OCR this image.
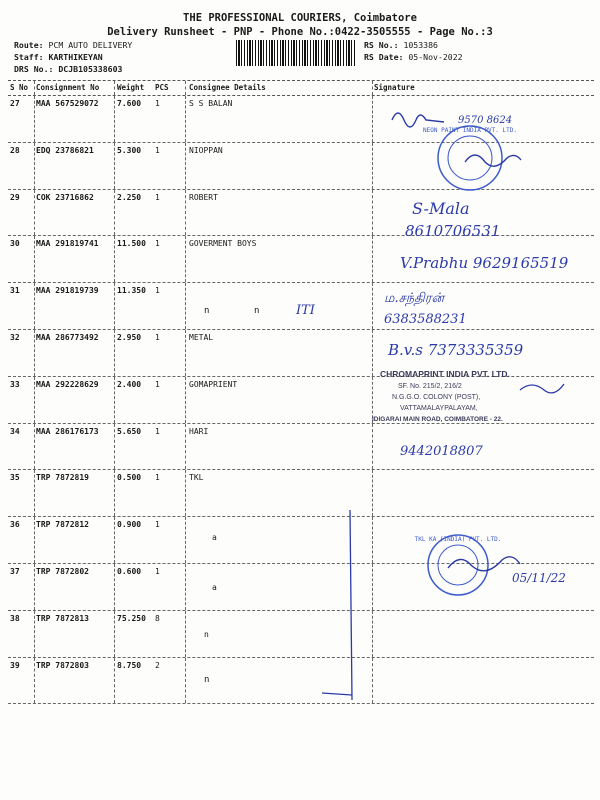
THE PROFESSIONAL COURIERS, Coimbatore
Delivery Runsheet - PNP - Phone No.:0422-3505555 - Page No.:3
Route: PCM AUTO DELIVERY
Staff: KARTHIKEYAN
DRS No.: DCJB105338603
RS No.: 1053386
RS Date: 05-Nov-2022
S No	Consignment No	Weight	PCS	Consignee Details	Signature
27	MAA 567529072	7.600	1	S S BALAN
28	EDQ 23786821	5.300	1	NIOPPAN
29	COK 23716862	2.250	1	ROBERT
30	MAA 291819741	11.500	1	GOVERMENT BOYS
31	MAA 291819739	11.350	1
32	MAA 286773492	2.950	1	METAL
33	MAA 292228629	2.400	1	GOMAPRIENT
34	MAA 286176173	5.650	1	HARI
35	TRP 7872819	0.500	1	TKL
36	TRP 7872812	0.900	1
37	TRP 7872802	0.600	1
38	TRP 7872813	75.250	8
39	TRP 7872803	8.750	2
9570 8624
NEON PAINT INDIA PVT. LTD.
S-Mala
8610706531
V.Prabhu 9629165519
ITI
n	n
ம.சந்திரன்
6383588231
B.v.s 7373335359
CHROMAPRINT INDIA PVT. LTD.
SF. No. 215/2, 216/2
N.G.G.O. COLONY (POST),
VATTAMALAYPALAYAM,
IDIGARAI MAIN ROAD, COIMBATORE - 22.
9442018807
a
a
n
n
TKL KA (INDIA) PVT. LTD.
05/11/22
